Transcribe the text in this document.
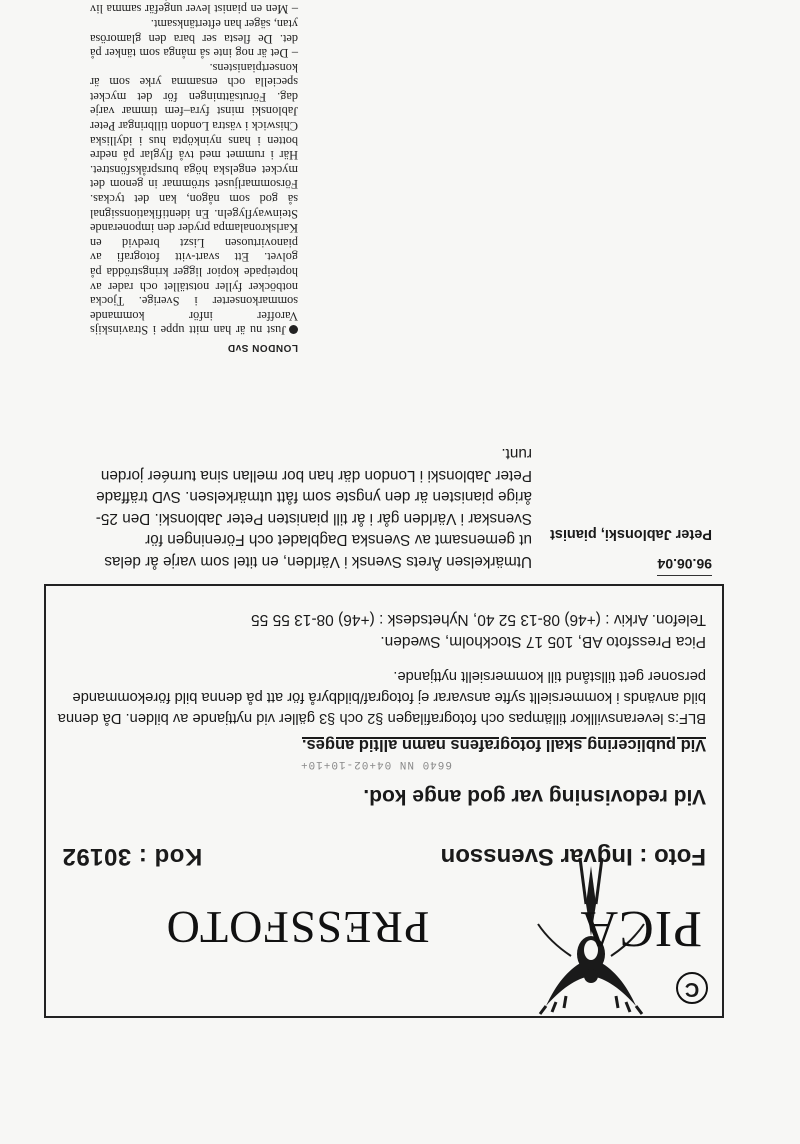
C
PICAPRESSFOTO
Foto : Ingvar Svensson
Kod : 30192
Vid redovisning var god ange kod.
6640 NN 04+02-10+10+
Vid publicering skall fotografens namn alltid anges.
BLF:s leveransvillkor tillämpas och fotografilagen §2 och §3 gäller vid nyttjande av bilden. Då denna bild används i kommersiellt syfte ansvarar ej fotograf/bildbyrå för att på denna bild förekommande personer gett tillstånd till kommersiellt nyttjande.
Pica Pressfoto AB, 105 17 Stockholm, Sweden.
Telefon. Arkiv : (+46) 08-13 52 40, Nyhetsdesk : (+46) 08-13 55 55
96.06.04
Peter Jablonski, pianist
Utmärkelsen Årets Svensk i Världen, en titel som varje år delas ut gemensamt av Svenska Dagbladet och Föreningen för Svenskar i Världen går i år till pianisten Peter Jablonski. Den 25-årige pianisten är den yngste som fått utmärkelsen. SvD träffade Peter Jablonski i London där han bor mellan sina turnéer jorden runt.
LONDON SvD

Just nu är han mitt uppe i Stravinskijs Varoffer inför kommande sommarkonserter i Sverige. Tjocka notböcker fyller notstället och rader av hopteipade kopior ligger kringströdda på golvet. Ett svart-vitt fotografi av pianovirtuosen Liszt bredvid en Karlskronalampa pryder den imponerande Steinwayflygeln. En identifikationssignal så god som någon, kan det tyckas. Försommarljuset strömmar in genom det mycket engelska höga burspråksfönstret. Här i rummet med två flyglar på nedre botten i hans nyinköpta hus i idylliska Chiswick i västra London tillbringar Peter Jablonski minst fyra–fem timmar varje dag. Förutsättningen för det mycket speciella och ensamma yrke som är konsertpianistens.

– Det är nog inte så många som tänker på det. De flesta ser bara den glamorösa ytan, säger han eftertänksamt.

– Men en pianist lever ungefär samma liv
